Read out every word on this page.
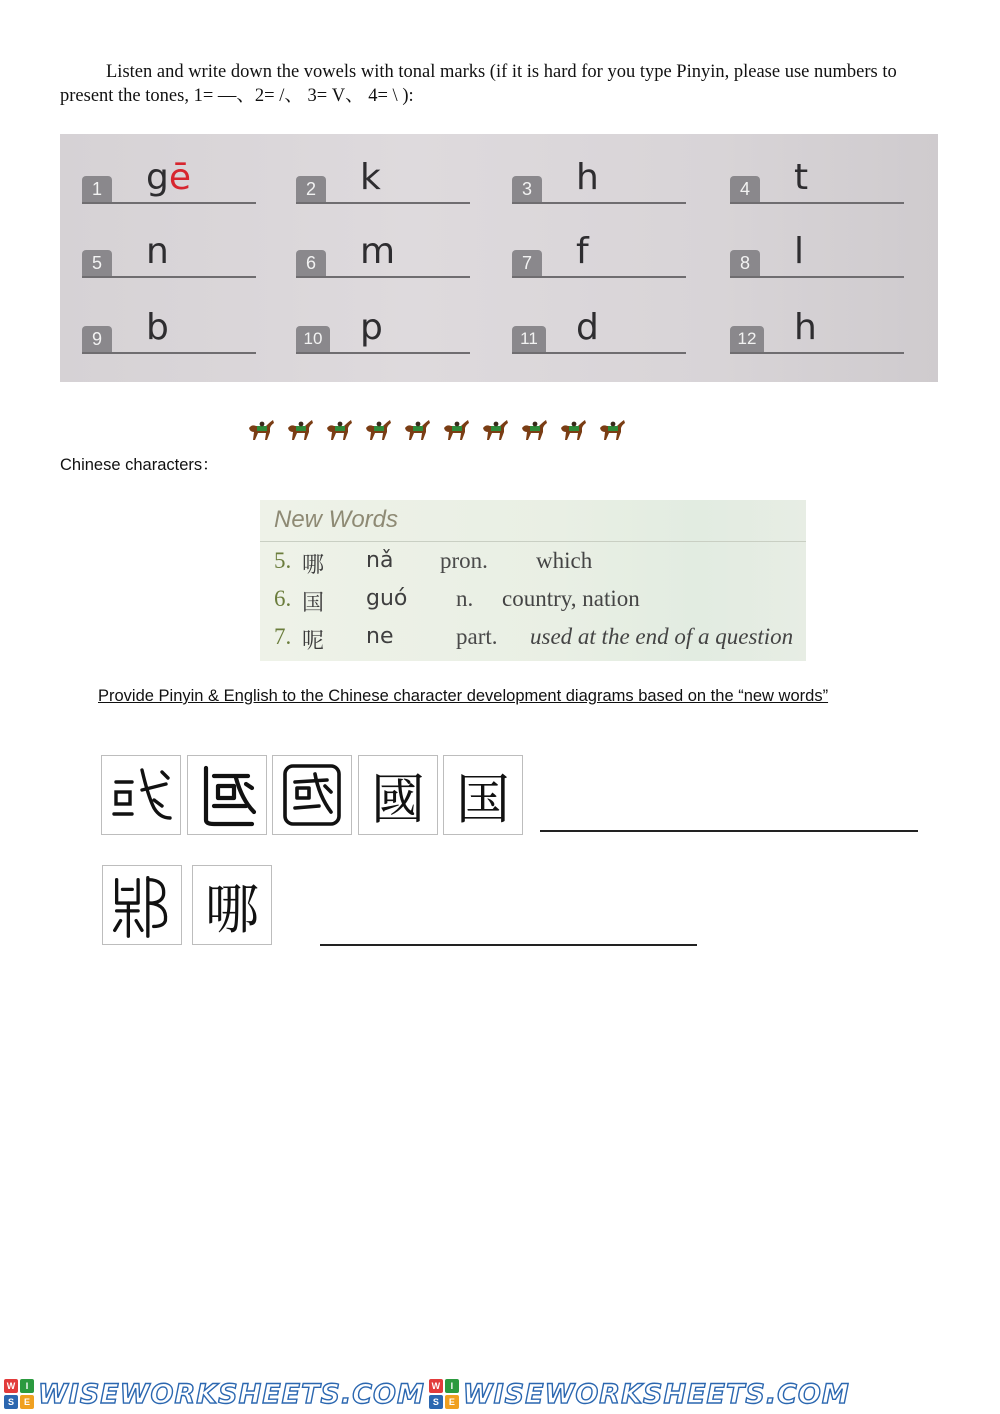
Listen and write down the vowels with tonal marks (if it is hard for you type Pinyin, please use numbers to present the tones, 1= —、2= /、 3= V、 4= \ ):
1 gē	2 k	3 h	4 t
5 n	6 m	7 f	8 l
9 b	10 p	11 d	12 h
Chinese characters：
New Words
5. 哪 nǎ pron. which
6. 国 guó n. country, nation
7. 呢 ne	part. used at the end of a question
Provide Pinyin & English to the Chinese character development diagrams based on the “new words”
國 国
哪
W	I
S	E WISEWORKSHEETS.COM W	I
S	E WISEWORKSHEETS.COM
